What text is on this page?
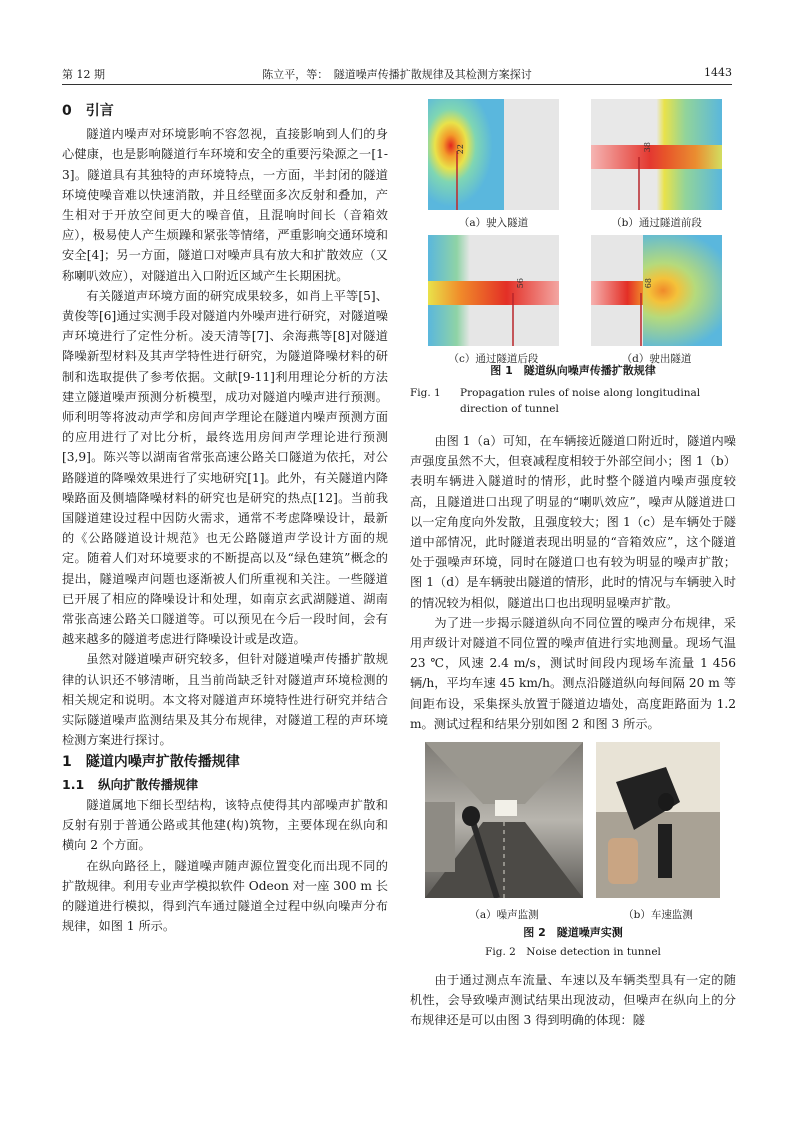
第 12 期	陈立平，等：　隧道噪声传播扩散规律及其检测方案探讨	1443
0 引言

隧道内噪声对环境影响不容忽视，直接影响到人们的身心健康，也是影响隧道行车环境和安全的重要污染源之一[1-3]。隧道具有其独特的声环境特点，一方面，半封闭的隧道环境使噪音难以快速消散，并且经壁面多次反射和叠加，产生相对于开放空间更大的噪音值，且混响时间长（音箱效应），极易使人产生烦躁和紧张等情绪，严重影响交通环境和安全[4]；另一方面，隧道口对噪声具有放大和扩散效应（又称喇叭效应），对隧道出入口附近区域产生长期困扰。

有关隧道声环境方面的研究成果较多，如肖上平等[5]、黄俊等[6]通过实测手段对隧道内外噪声进行研究，对隧道噪声环境进行了定性分析。凌天清等[7]、余海燕等[8]对隧道降噪新型材料及其声学特性进行研究，为隧道降噪材料的研制和选取提供了参考依据。文献[9-11]利用理论分析的方法建立隧道噪声预测分析模型，成功对隧道内噪声进行预测。师利明等将波动声学和房间声学理论在隧道内噪声预测方面的应用进行了对比分析，最终选用房间声学理论进行预测[3,9]。陈兴等以湖南省常张高速公路关口隧道为依托，对公路隧道的降噪效果进行了实地研究[1]。此外，有关隧道内降噪路面及侧墙降噪材料的研究也是研究的热点[12]。当前我国隧道建设过程中因防火需求，通常不考虑降噪设计，最新的《公路隧道设计规范》也无公路隧道声学设计方面的规定。随着人们对环境要求的不断提高以及“绿色建筑”概念的提出，隧道噪声问题也逐渐被人们所重视和关注。一些隧道已开展了相应的降噪设计和处理，如南京玄武湖隧道、湖南常张高速公路关口隧道等。可以预见在今后一段时间，会有越来越多的隧道考虑进行降噪设计或是改造。

虽然对隧道噪声研究较多，但针对隧道噪声传播扩散规律的认识还不够清晰，且当前尚缺乏针对隧道声环境检测的相关规定和说明。本文将对隧道声环境特性进行研究并结合实际隧道噪声监测结果及其分布规律，对隧道工程的声环境检测方案进行探讨。

1 隧道内噪声扩散传播规律
1.1 纵向扩散传播规律

隧道属地下细长型结构，该特点使得其内部噪声扩散和反射有别于普通公路或其他建(构)筑物，主要体现在纵向和横向 2 个方面。

在纵向路径上，隧道噪声随声源位置变化而出现不同的扩散规律。利用专业声学模拟软件 Odeon 对一座 300 m 长的隧道进行模拟，得到汽车通过隧道全过程中纵向噪声分布规律，如图 1 所示。

22
（a）驶入隧道
38
（b）通过隧道前段
56
（c）通过隧道后段
68
（d）驶出隧道
图 1　隧道纵向噪声传播扩散规律
Fig. 1	Propagation rules of noise along longitudinal direction of tunnel

由图 1（a）可知，在车辆接近隧道口附近时，隧道内噪声强度虽然不大，但衰减程度相较于外部空间小；图 1（b）表明车辆进入隧道时的情形，此时整个隧道内噪声强度较高，且隧道进口出现了明显的“喇叭效应”，噪声从隧道进口以一定角度向外发散，且强度较大；图 1（c）是车辆处于隧道中部情况，此时隧道表现出明显的“音箱效应”，这个隧道处于强噪声环境，同时在隧道口也有较为明显的噪声扩散；图 1（d）是车辆驶出隧道的情形，此时的情况与车辆驶入时的情况较为相似，隧道出口也出现明显噪声扩散。

为了进一步揭示隧道纵向不同位置的噪声分布规律，采用声级计对隧道不同位置的噪声值进行实地测量。现场气温 23 ℃，风速 2.4 m/s，测试时间段内现场车流量 1 456 辆/h，平均车速 45 km/h。测点沿隧道纵向每间隔 20 m 等间距布设，采集探头放置于隧道边墙处，高度距路面为 1.2 m。测试过程和结果分别如图 2 和图 3 所示。

（a）噪声监测	（b）车速监测
图 2　隧道噪声实测
Fig. 2　Noise detection in tunnel

由于通过测点车流量、车速以及车辆类型具有一定的随机性，会导致噪声测试结果出现波动，但噪声在纵向上的分布规律还是可以由图 3 得到明确的体现：隧
